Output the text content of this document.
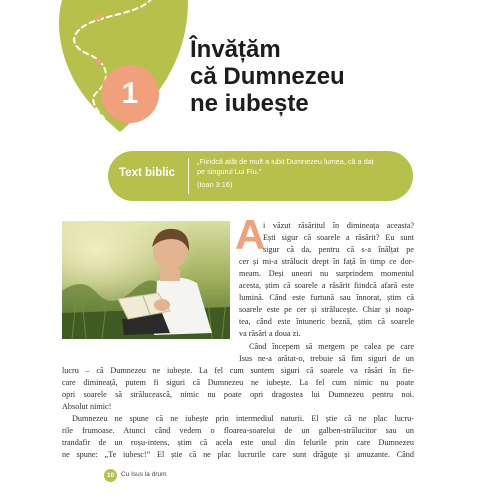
1
Învățăm
că Dumnezeu
ne iubește
Text biblic
„Fiindcă atât de mult a iubit Dumnezeu lumea, că a dat
pe singurul Lui Fiu.”
(Ioan 3:16)
A
i văzut răsăritul în dimineața aceasta?
Ești sigur că soarele a răsărit? Eu sunt
sigur că da, pentru că s-a înălțat pe
cer și mi-a strălucit drept în față în timp ce dor-
meam. Deși uneori nu surprindem momentul
acesta, știm că soarele a răsărit fiindcă afară este
lumină. Când este furtună sau înnorat, știm că
soarele este pe cer și strălucește. Chiar și noap-
tea, când este întuneric beznă, știm că soarele
va răsări a doua zi.
Când începem să mergem pe calea pe care
Isus ne-a arătat-o, trebuie să fim siguri de un
lucru – că Dumnezeu ne iubește. La fel cum suntem siguri că soarele va răsări în fie-
care dimineață, putem fi siguri că Dumnezeu ne iubește. La fel cum nimic nu poate
opri soarele să strălucească, nimic nu poate opri dragostea lui Dumnezeu pentru noi.
Absolut nimic!
Dumnezeu ne spune că ne iubește prin intermediul naturii. El știe că ne plac lucru-
rile frumoase. Atunci când vedem o floarea-soarelui de un galben-strălucitor sau un
trandafir de un roșu-intens, știm că acela este unul din felurile prin care Dumnezeu
ne spune: „Te iubesc!” El știe că ne plac lucrurile care sunt drăguțe și amuzante. Când
10	Cu Isus la drum
